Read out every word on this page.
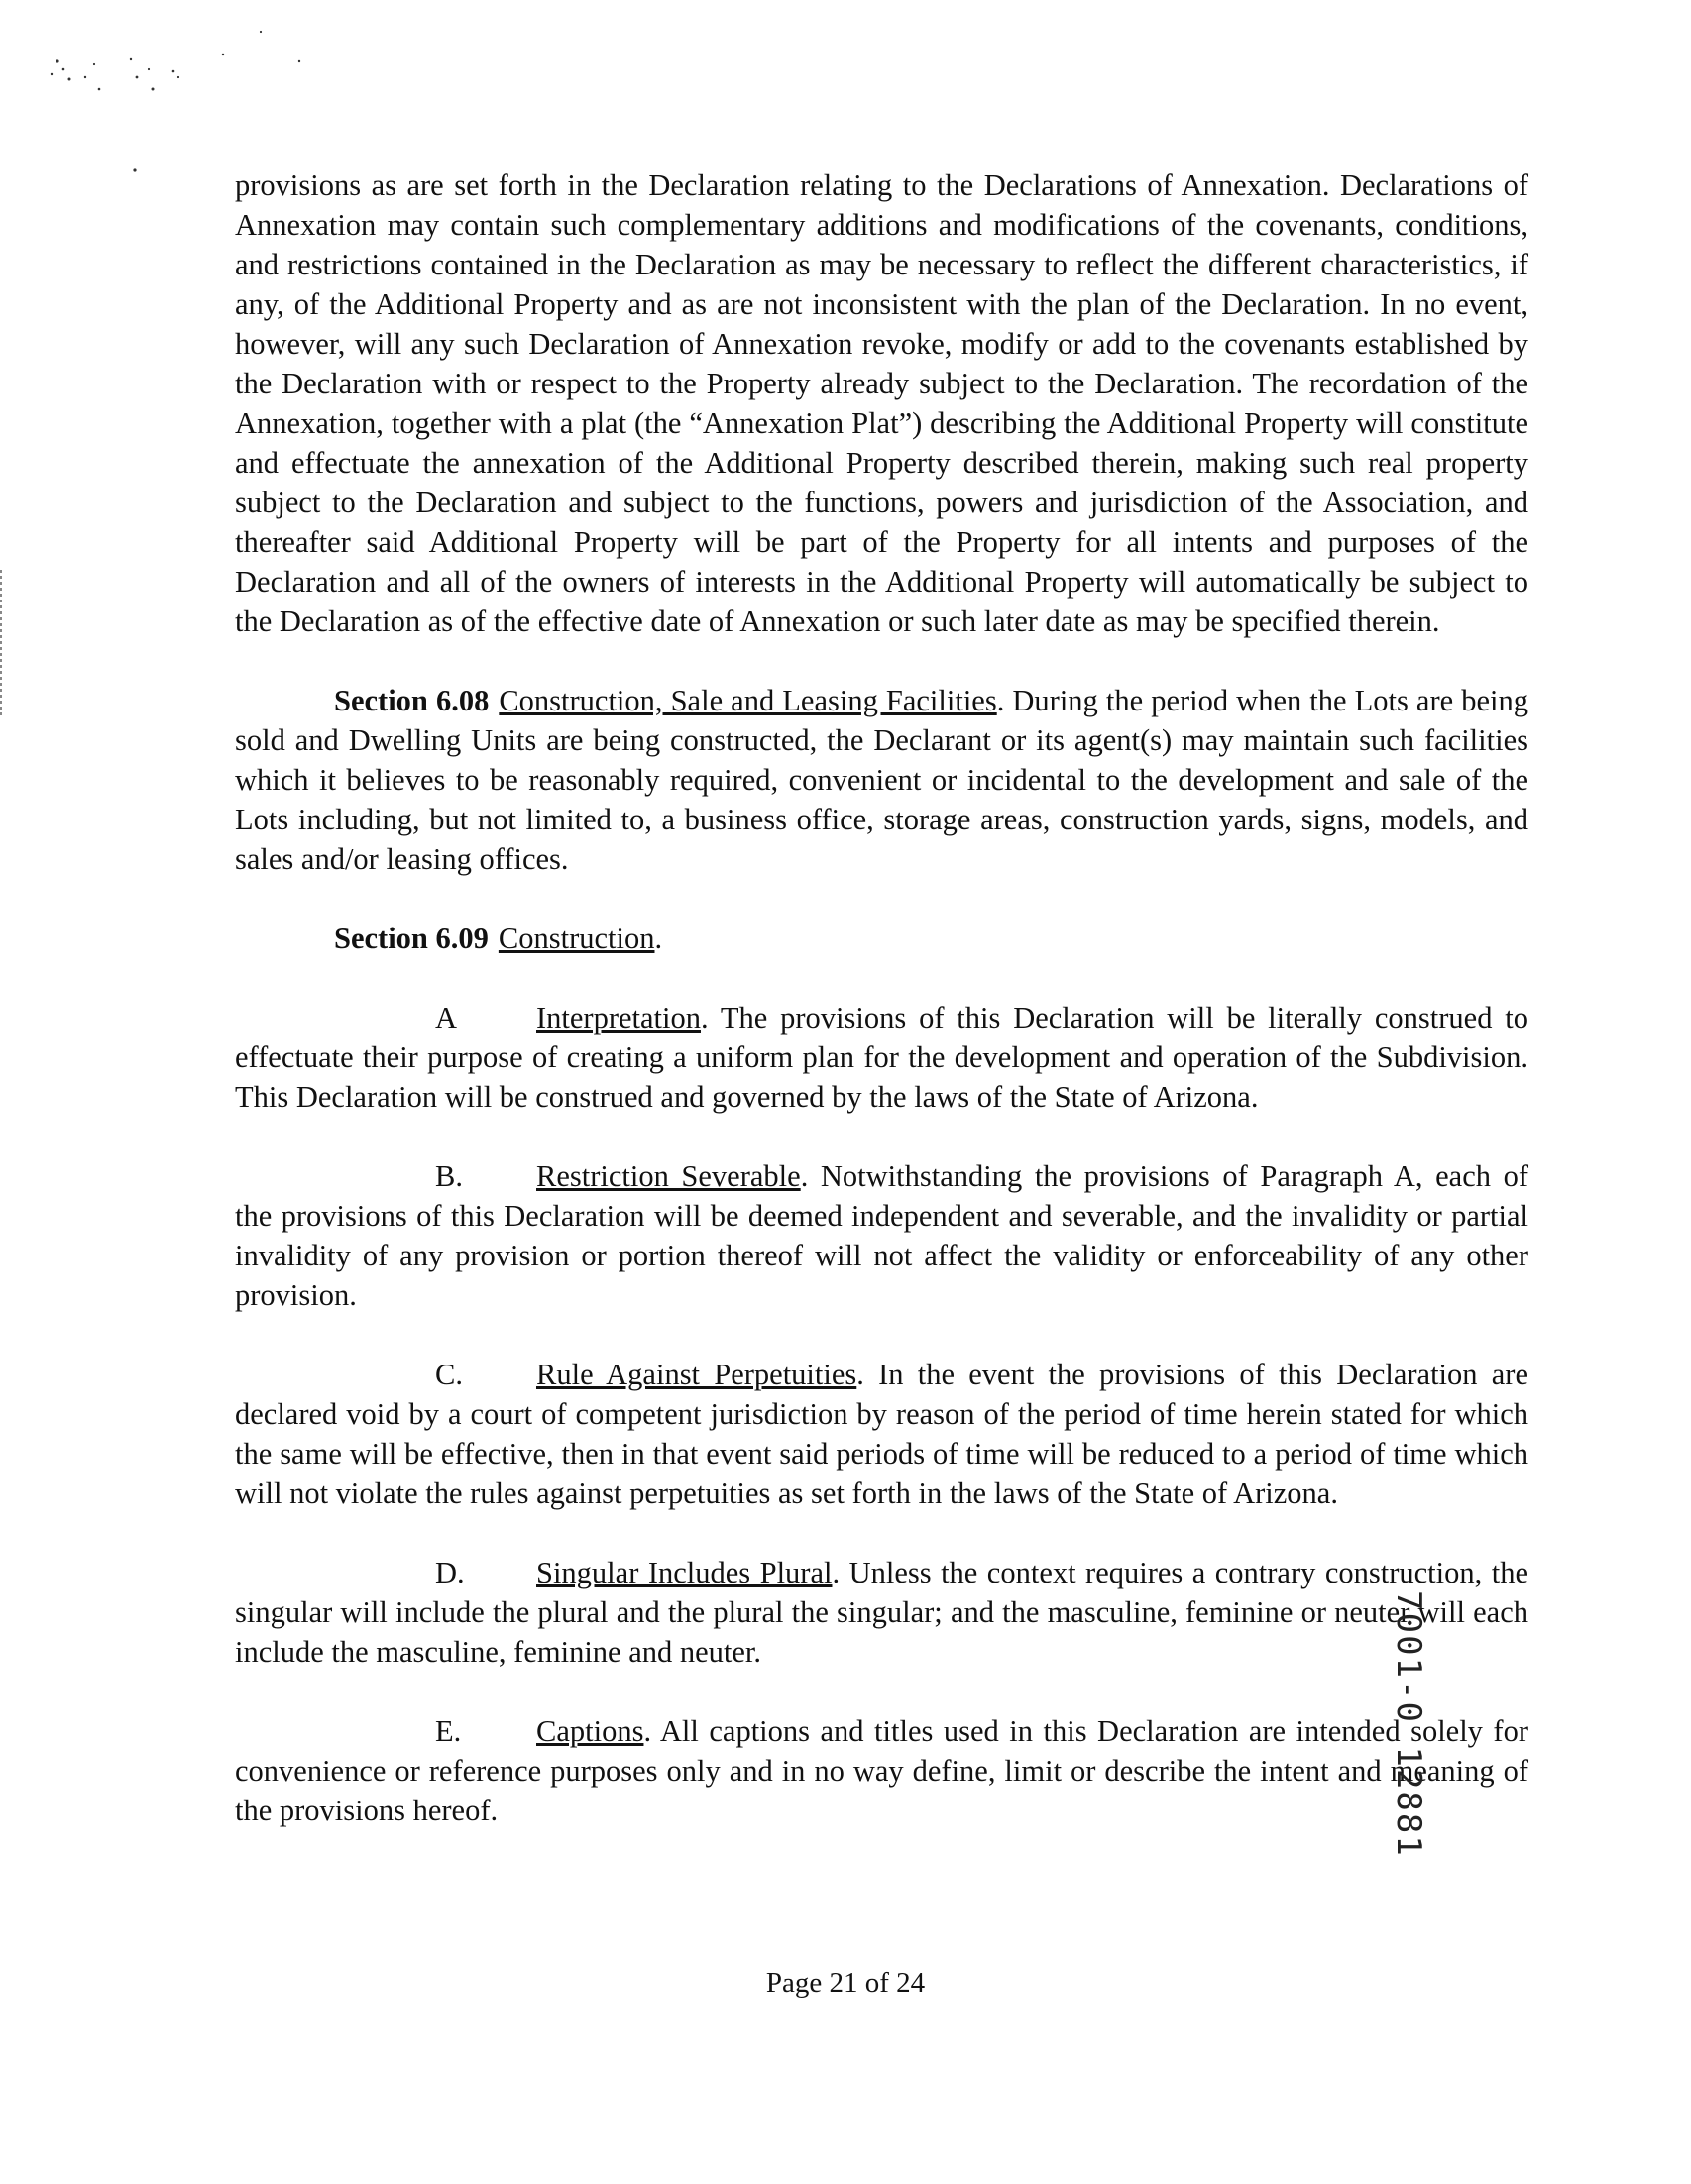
provisions as are set forth in the Declaration relating to the Declarations of Annexation. Declarations of Annexation may contain such complementary additions and modifications of the covenants, conditions, and restrictions contained in the Declaration as may be necessary to reflect the different characteristics, if any, of the Additional Property and as are not inconsistent with the plan of the Declaration. In no event, however, will any such Declaration of Annexation revoke, modify or add to the covenants established by the Declaration with or respect to the Property already subject to the Declaration. The recordation of the Annexation, together with a plat (the “Annexation Plat”) describing the Additional Property will constitute and effectuate the annexation of the Additional Property described therein, making such real property subject to the Declaration and subject to the functions, powers and jurisdiction of the Association, and thereafter said Additional Property will be part of the Property for all intents and purposes of the Declaration and all of the owners of interests in the Additional Property will automatically be subject to the Declaration as of the effective date of Annexation or such later date as may be specified therein.

Section 6.08 Construction, Sale and Leasing Facilities. During the period when the Lots are being sold and Dwelling Units are being constructed, the Declarant or its agent(s) may maintain such facilities which it believes to be reasonably required, convenient or incidental to the development and sale of the Lots including, but not limited to, a business office, storage areas, construction yards, signs, models, and sales and/or leasing offices.

Section 6.09 Construction.

A	Interpretation. The provisions of this Declaration will be literally construed to effectuate their purpose of creating a uniform plan for the development and operation of the Subdivision. This Declaration will be construed and governed by the laws of the State of Arizona.

B. Restriction Severable. Notwithstanding the provisions of Paragraph A, each of the provisions of this Declaration will be deemed independent and severable, and the invalidity or partial invalidity of any provision or portion thereof will not affect the validity or enforceability of any other provision.

C. Rule Against Perpetuities. In the event the provisions of this Declaration are declared void by a court of competent jurisdiction by reason of the period of time herein stated for which the same will be effective, then in that event said periods of time will be reduced to a period of time which will not violate the rules against perpetuities as set forth in the laws of the State of Arizona.

D. Singular Includes Plural. Unless the context requires a contrary construction, the singular will include the plural and the plural the singular; and the masculine, feminine or neuter will each include the masculine, feminine and neuter.

E. Captions. All captions and titles used in this Declaration are intended solely for convenience or reference purposes only and in no way define, limit or describe the intent and meaning of the provisions hereof.	7001-0 12881
Page 21 of 24
